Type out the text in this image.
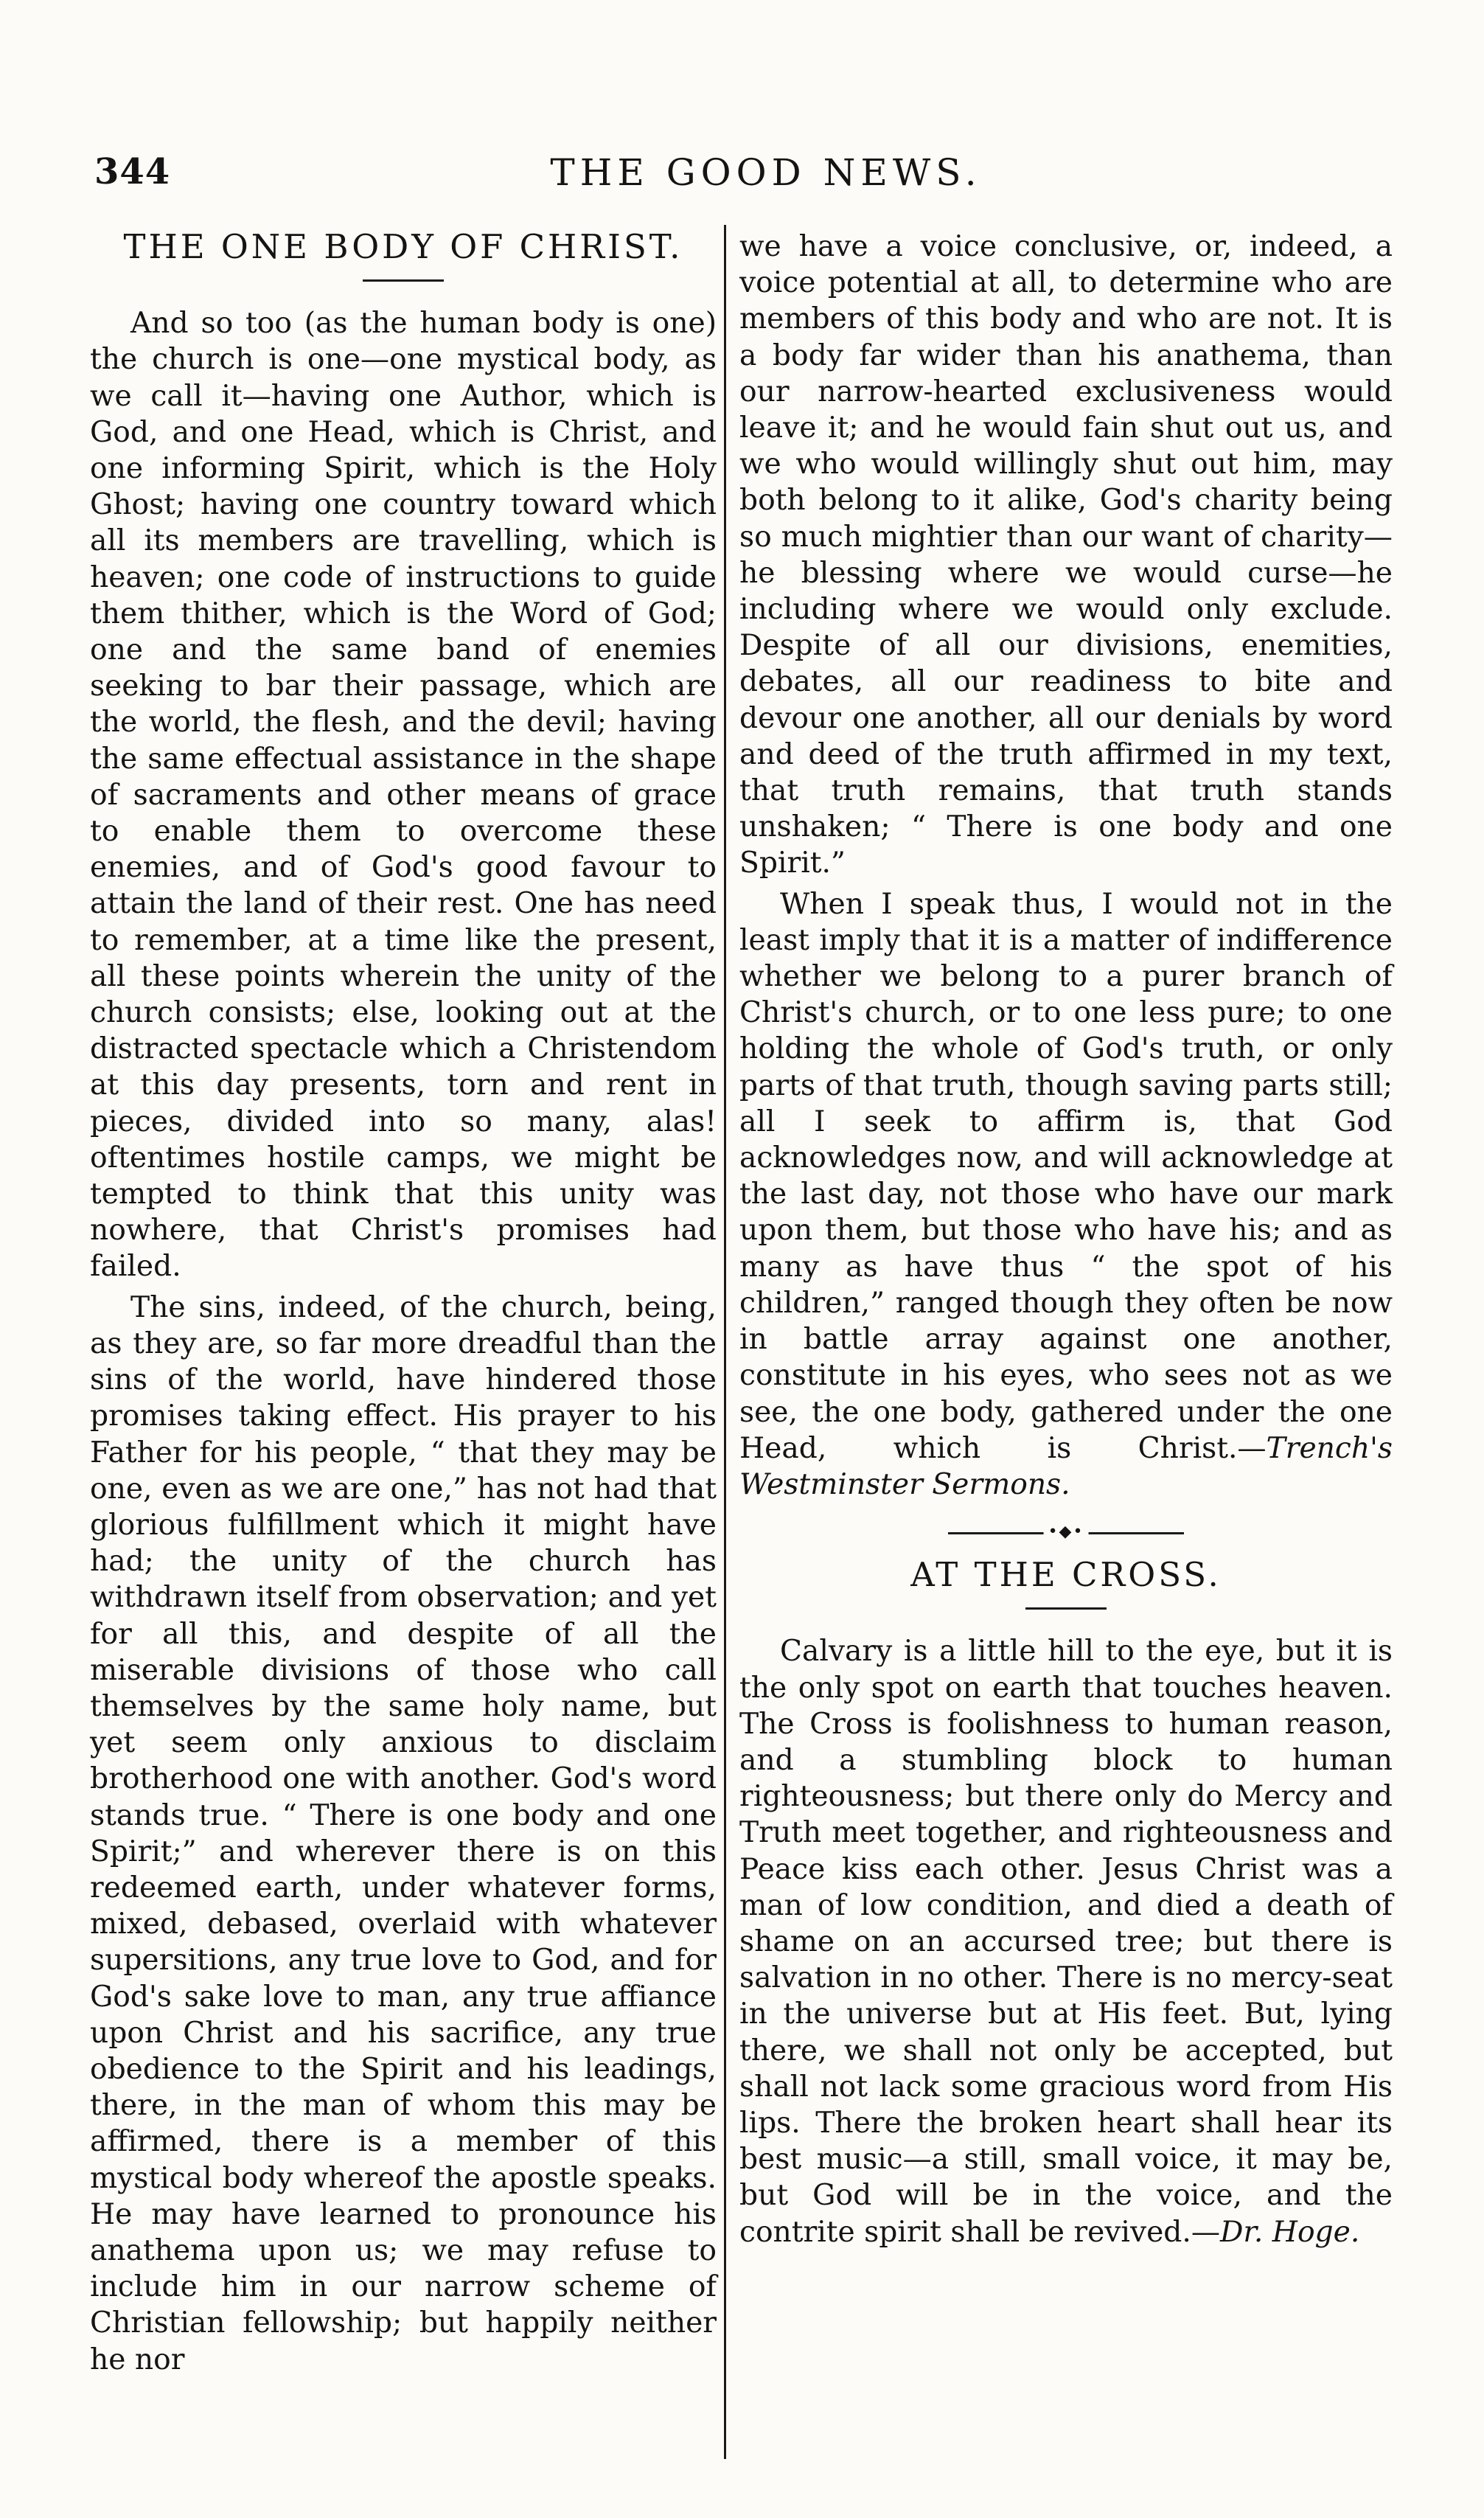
344	THE GOOD NEWS.
THE ONE BODY OF CHRIST.

And so too (as the human body is one) the church is one—one mystical body, as we call it—having one Author, which is God, and one Head, which is Christ, and one informing Spirit, which is the Holy Ghost; having one country toward which all its members are travelling, which is heaven; one code of instructions to guide them thither, which is the Word of God; one and the same band of enemies seeking to bar their passage, which are the world, the flesh, and the devil; having the same effectual assistance in the shape of sacraments and other means of grace to enable them to overcome these enemies, and of God's good favour to attain the land of their rest. One has need to remember, at a time like the present, all these points wherein the unity of the church consists; else, looking out at the distracted spectacle which a Christendom at this day presents, torn and rent in pieces, divided into so many, alas! oftentimes hostile camps, we might be tempted to think that this unity was nowhere, that Christ's promises had failed.

The sins, indeed, of the church, being, as they are, so far more dreadful than the sins of the world, have hindered those promises taking effect. His prayer to his Father for his people, “ that they may be one, even as we are one,” has not had that glorious fulfillment which it might have had; the unity of the church has withdrawn itself from observation; and yet for all this, and despite of all the miserable divisions of those who call themselves by the same holy name, but yet seem only anxious to disclaim brotherhood one with another. God's word stands true. “ There is one body and one Spirit;” and wherever there is on this redeemed earth, under whatever forms, mixed, debased, overlaid with whatever supersitions, any true love to God, and for God's sake love to man, any true affiance upon Christ and his sacrifice, any true obedience to the Spirit and his leadings, there, in the man of whom this may be affirmed, there is a member of this mystical body whereof the apostle speaks. He may have learned to pronounce his anathema upon us; we may refuse to include him in our narrow scheme of Christian fellowship; but happily neither he nor

we have a voice conclusive, or, indeed, a voice potential at all, to determine who are members of this body and who are not. It is a body far wider than his anathema, than our narrow-hearted exclusiveness would leave it; and he would fain shut out us, and we who would willingly shut out him, may both belong to it alike, God's charity being so much mightier than our want of charity—he blessing where we would curse—he including where we would only exclude. Despite of all our divisions, enemities, debates, all our readiness to bite and devour one another, all our denials by word and deed of the truth affirmed in my text, that truth remains, that truth stands unshaken; “ There is one body and one Spirit.”

When I speak thus, I would not in the least imply that it is a matter of indifference whether we belong to a purer branch of Christ's church, or to one less pure; to one holding the whole of God's truth, or only parts of that truth, though saving parts still; all I seek to affirm is, that God acknowledges now, and will acknowledge at the last day, not those who have our mark upon them, but those who have his; and as many as have thus “ the spot of his children,” ranged though they often be now in battle array against one another, constitute in his eyes, who sees not as we see, the one body, gathered under the one Head, which is Christ.—Trench's Westminster Sermons.

•◆•
AT THE CROSS.

Calvary is a little hill to the eye, but it is the only spot on earth that touches heaven. The Cross is foolishness to human reason, and a stumbling block to human righteousness; but there only do Mercy and Truth meet together, and righteousness and Peace kiss each other. Jesus Christ was a man of low condition, and died a death of shame on an accursed tree; but there is salvation in no other. There is no mercy-seat in the universe but at His feet. But, lying there, we shall not only be accepted, but shall not lack some gracious word from His lips. There the broken heart shall hear its best music—a still, small voice, it may be, but God will be in the voice, and the contrite spirit shall be revived.—Dr. Hoge.
